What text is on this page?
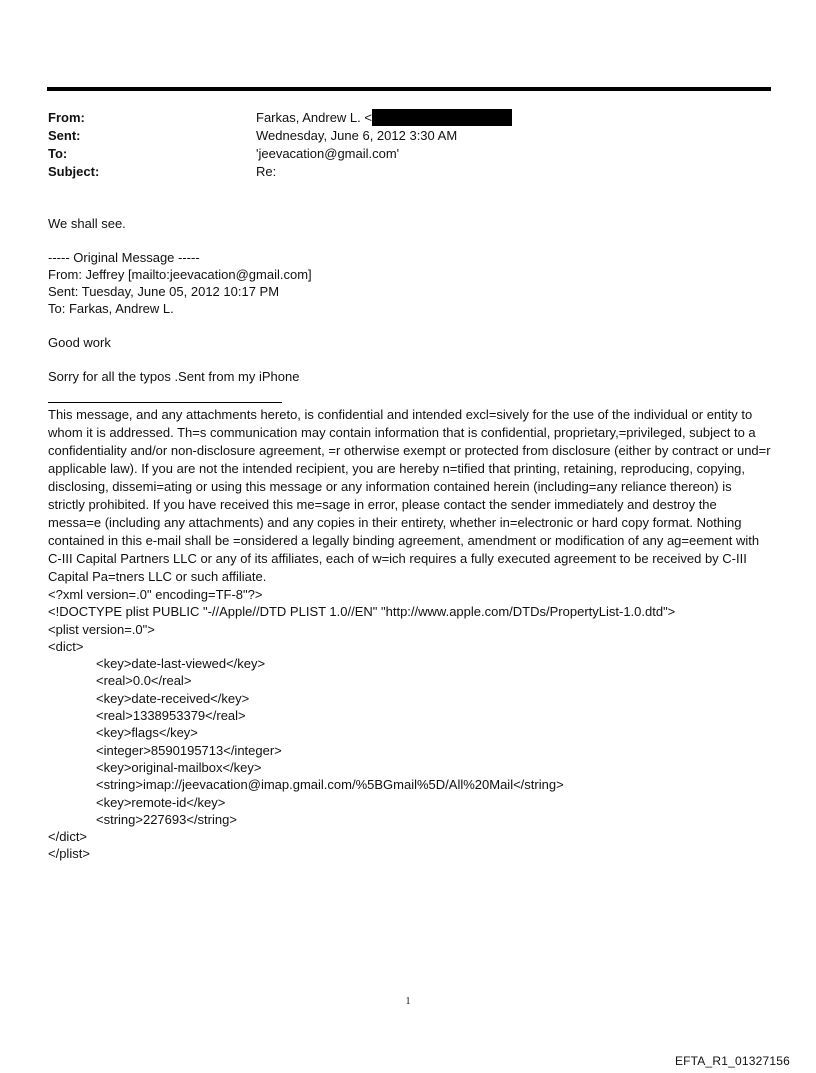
From:	Farkas, Andrew L. <
Sent:	Wednesday, June 6, 2012 3:30 AM
To:	'jeevacation@gmail.com'
Subject:	Re:

We shall see.

----- Original Message -----

From: Jeffrey [mailto:jeevacation@gmail.com]

Sent: Tuesday, June 05, 2012 10:17 PM

To: Farkas, Andrew L.

Good work

Sorry for all the typos .Sent from my iPhone

This message, and any attachments hereto, is confidential and intended excl=sively for the use of the individual or entity to whom it is addressed. Th=s communication may contain information that is confidential, proprietary,=privileged, subject to a confidentiality and/or non-disclosure agreement, =r otherwise exempt or protected from disclosure (either by contract or und=r applicable law). If you are not the intended recipient, you are hereby n=tified that printing, retaining, reproducing, copying, disclosing, dissemi=ating or using this message or any information contained herein (including=any reliance thereon) is strictly prohibited. If you have received this me=sage in error, please contact the sender immediately and destroy the messa=e (including any attachments) and any copies in their entirety, whether in=electronic or hard copy format. Nothing contained in this e-mail shall be =onsidered a legally binding agreement, amendment or modification of any ag=eement with C-III Capital Partners LLC or any of its affiliates, each of w=ich requires a fully executed agreement to be received by C-III Capital Pa=tners LLC or such affiliate.

<?xml version=.0" encoding=TF-8"?>

<!DOCTYPE plist PUBLIC "-//Apple//DTD PLIST 1.0//EN" "http://www.apple.com/DTDs/PropertyList-1.0.dtd">

<plist version=.0">

<dict>

<key>date-last-viewed</key>

<real>0.0</real>

<key>date-received</key>

<real>1338953379</real>

<key>flags</key>

<integer>8590195713</integer>

<key>original-mailbox</key>

<string>imap://jeevacation@imap.gmail.com/%5BGmail%5D/All%20Mail</string>

<key>remote-id</key>

<string>227693</string>

</dict>

</plist>

1
EFTA_R1_01327156
